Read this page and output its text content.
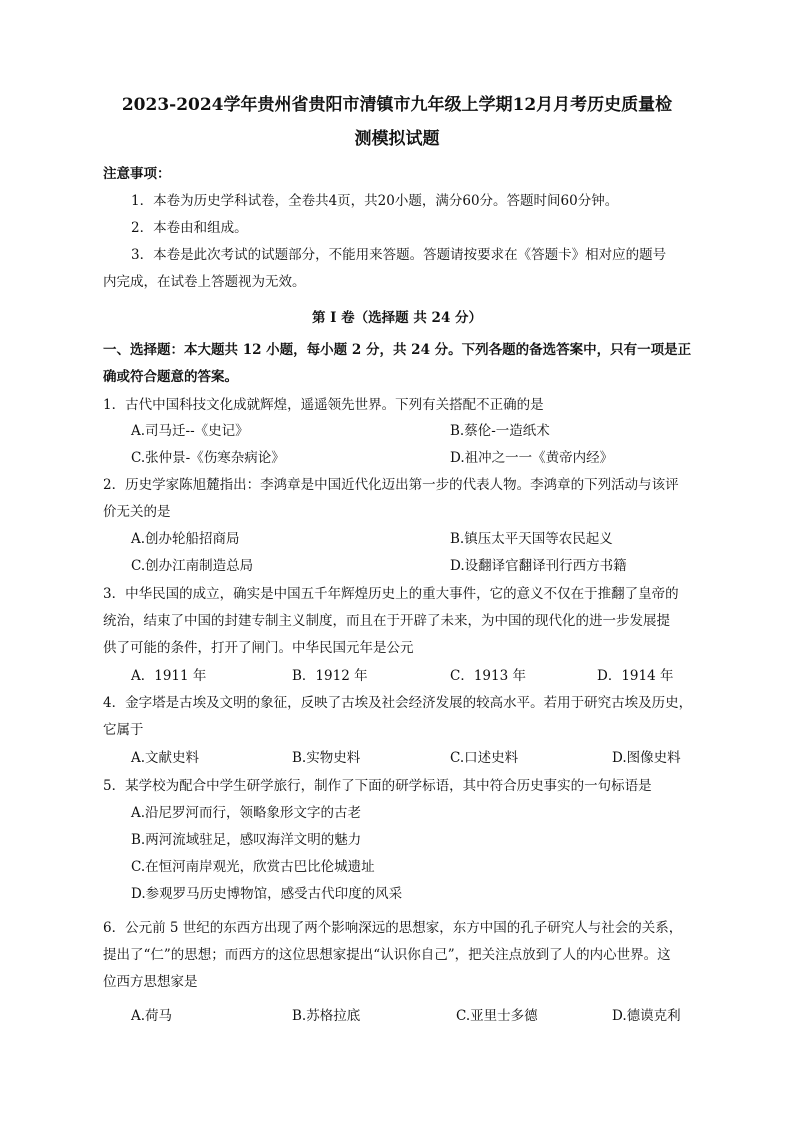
2023-2024学年贵州省贵阳市清镇市九年级上学期12月月考历史质量检
测模拟试题
注意事项：
1．本卷为历史学科试卷，全卷共4页，共20小题，满分60分。答题时间60分钟。
2．本卷由和组成。
3．本卷是此次考试的试题部分，不能用来答题。答题请按要求在《答题卡》相对应的题号
内完成，在试卷上答题视为无效。
第 I 卷（选择题 共 24 分）
一、选择题：本大题共 12 小题，每小题 2 分，共 24 分。下列各题的备选答案中，只有一项是正
确或符合题意的答案。
1．古代中国科技文化成就辉煌，遥遥领先世界。下列有关搭配不正确的是
A.司马迁--《史记》	B.蔡伦-一造纸术
C.张仲景-《伤寒杂病论》	D.祖冲之一一《黄帝内经》
2．历史学家陈旭麓指出：李鸿章是中国近代化迈出第一步的代表人物。李鸿章的下列活动与该评
价无关的是
A.创办轮船招商局	B.镇压太平天国等农民起义
C.创办江南制造总局	D.设翻译官翻译刊行西方书籍
3．中华民国的成立，确实是中国五千年辉煌历史上的重大事件，它的意义不仅在于推翻了皇帝的
统治，结束了中国的封建专制主义制度，而且在于开辟了未来，为中国的现代化的进一步发展提
供了可能的条件，打开了闸门。中华民国元年是公元
A．1911 年	B．1912 年	C．1913 年	D．1914 年
4．金字塔是古埃及文明的象征，反映了古埃及社会经济发展的较高水平。若用于研究古埃及历史，
它属于
A.文献史料	B.实物史料	C.口述史料	D.图像史料
5．某学校为配合中学生研学旅行，制作了下面的研学标语，其中符合历史事实的一句标语是
A.沿尼罗河而行，领略象形文字的古老
B.两河流域驻足，感叹海洋文明的魅力
C.在恒河南岸观光，欣赏古巴比伦城遗址
D.参观罗马历史博物馆，感受古代印度的风采
6．公元前 5 世纪的东西方出现了两个影响深远的思想家，东方中国的孔子研究人与社会的关系，
提出了“仁”的思想；而西方的这位思想家提出“认识你自己”，把关注点放到了人的内心世界。这
位西方思想家是
A.荷马	B.苏格拉底	C.亚里士多德	D.德谟克利
